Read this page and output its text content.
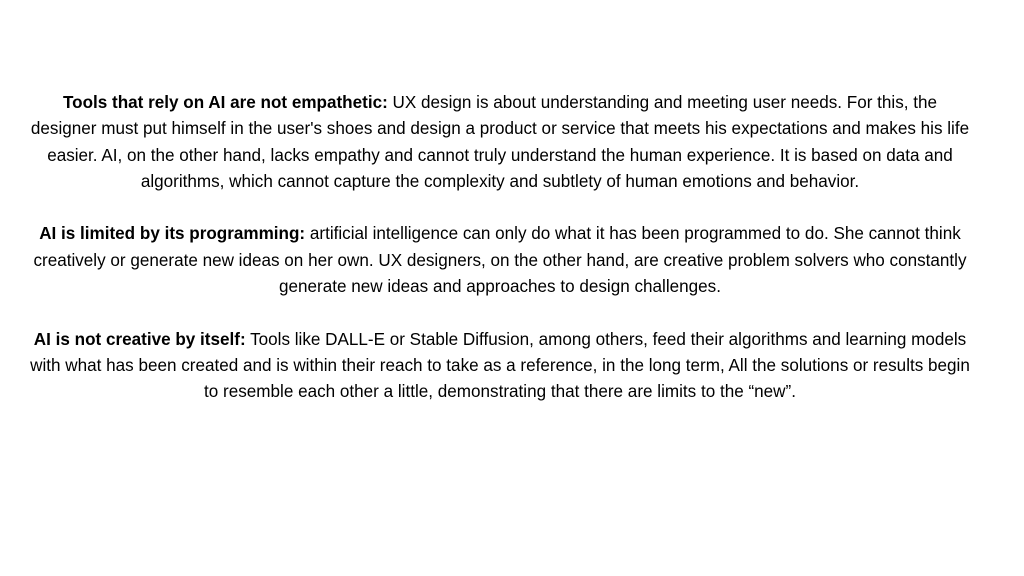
Tools that rely on AI are not empathetic: UX design is about understanding and meeting user needs. For this, the designer must put himself in the user's shoes and design a product or service that meets his expectations and makes his life easier. AI, on the other hand, lacks empathy and cannot truly understand the human experience. It is based on data and algorithms, which cannot capture the complexity and subtlety of human emotions and behavior.

AI is limited by its programming: artificial intelligence can only do what it has been programmed to do. She cannot think creatively or generate new ideas on her own. UX designers, on the other hand, are creative problem solvers who constantly generate new ideas and approaches to design challenges.

AI is not creative by itself: Tools like DALL-E or Stable Diffusion, among others, feed their algorithms and learning models with what has been created and is within their reach to take as a reference, in the long term, All the solutions or results begin to resemble each other a little, demonstrating that there are limits to the “new”.
